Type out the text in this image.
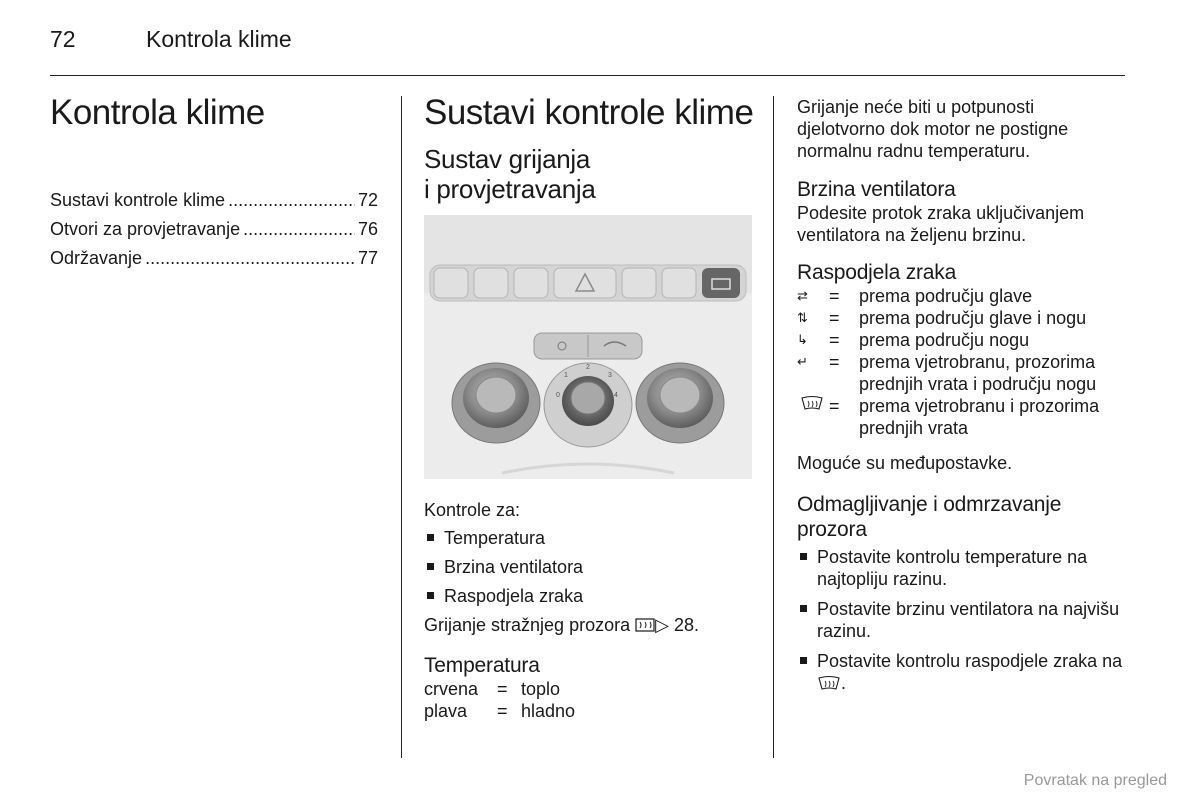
72	Kontrola klime
Kontrola klime
Sustavi kontrole klime .....	72
Otvori za provjetravanje .....	76
Održavanje .....	77
Sustavi kontrole klime
Sustav grijanja
i provjetravanja
1
2
3
4
0

Kontrole za:

Temperatura
Brzina ventilatora
Raspodjela zraka

Grijanje stražnjeg prozora ▷ 28.

Temperatura
crvena	=	toplo
plava	=	hladno

Grijanje neće biti u potpunosti djelotvorno dok motor ne postigne normalnu radnu temperaturu.

Brzina ventilatora

Podesite protok zraka uključivanjem ventilatora na željenu brzinu.

Raspodjela zraka
⇄	=	prema području glave
⇅	=	prema području glave i nogu
↳	=	prema području nogu
↵	=	prema vjetrobranu, prozorima prednjih vrata i području nogu
	=	prema vjetrobranu i prozorima prednjih vrata

Moguće su međupostavke.

Odmagljivanje i odmrzavanje prozora
Postavite kontrolu temperature na najtopliju razinu.
Postavite brzinu ventilatora na najvišu razinu.
Postavite kontrolu raspodjele zraka na .
Povratak na pregled
